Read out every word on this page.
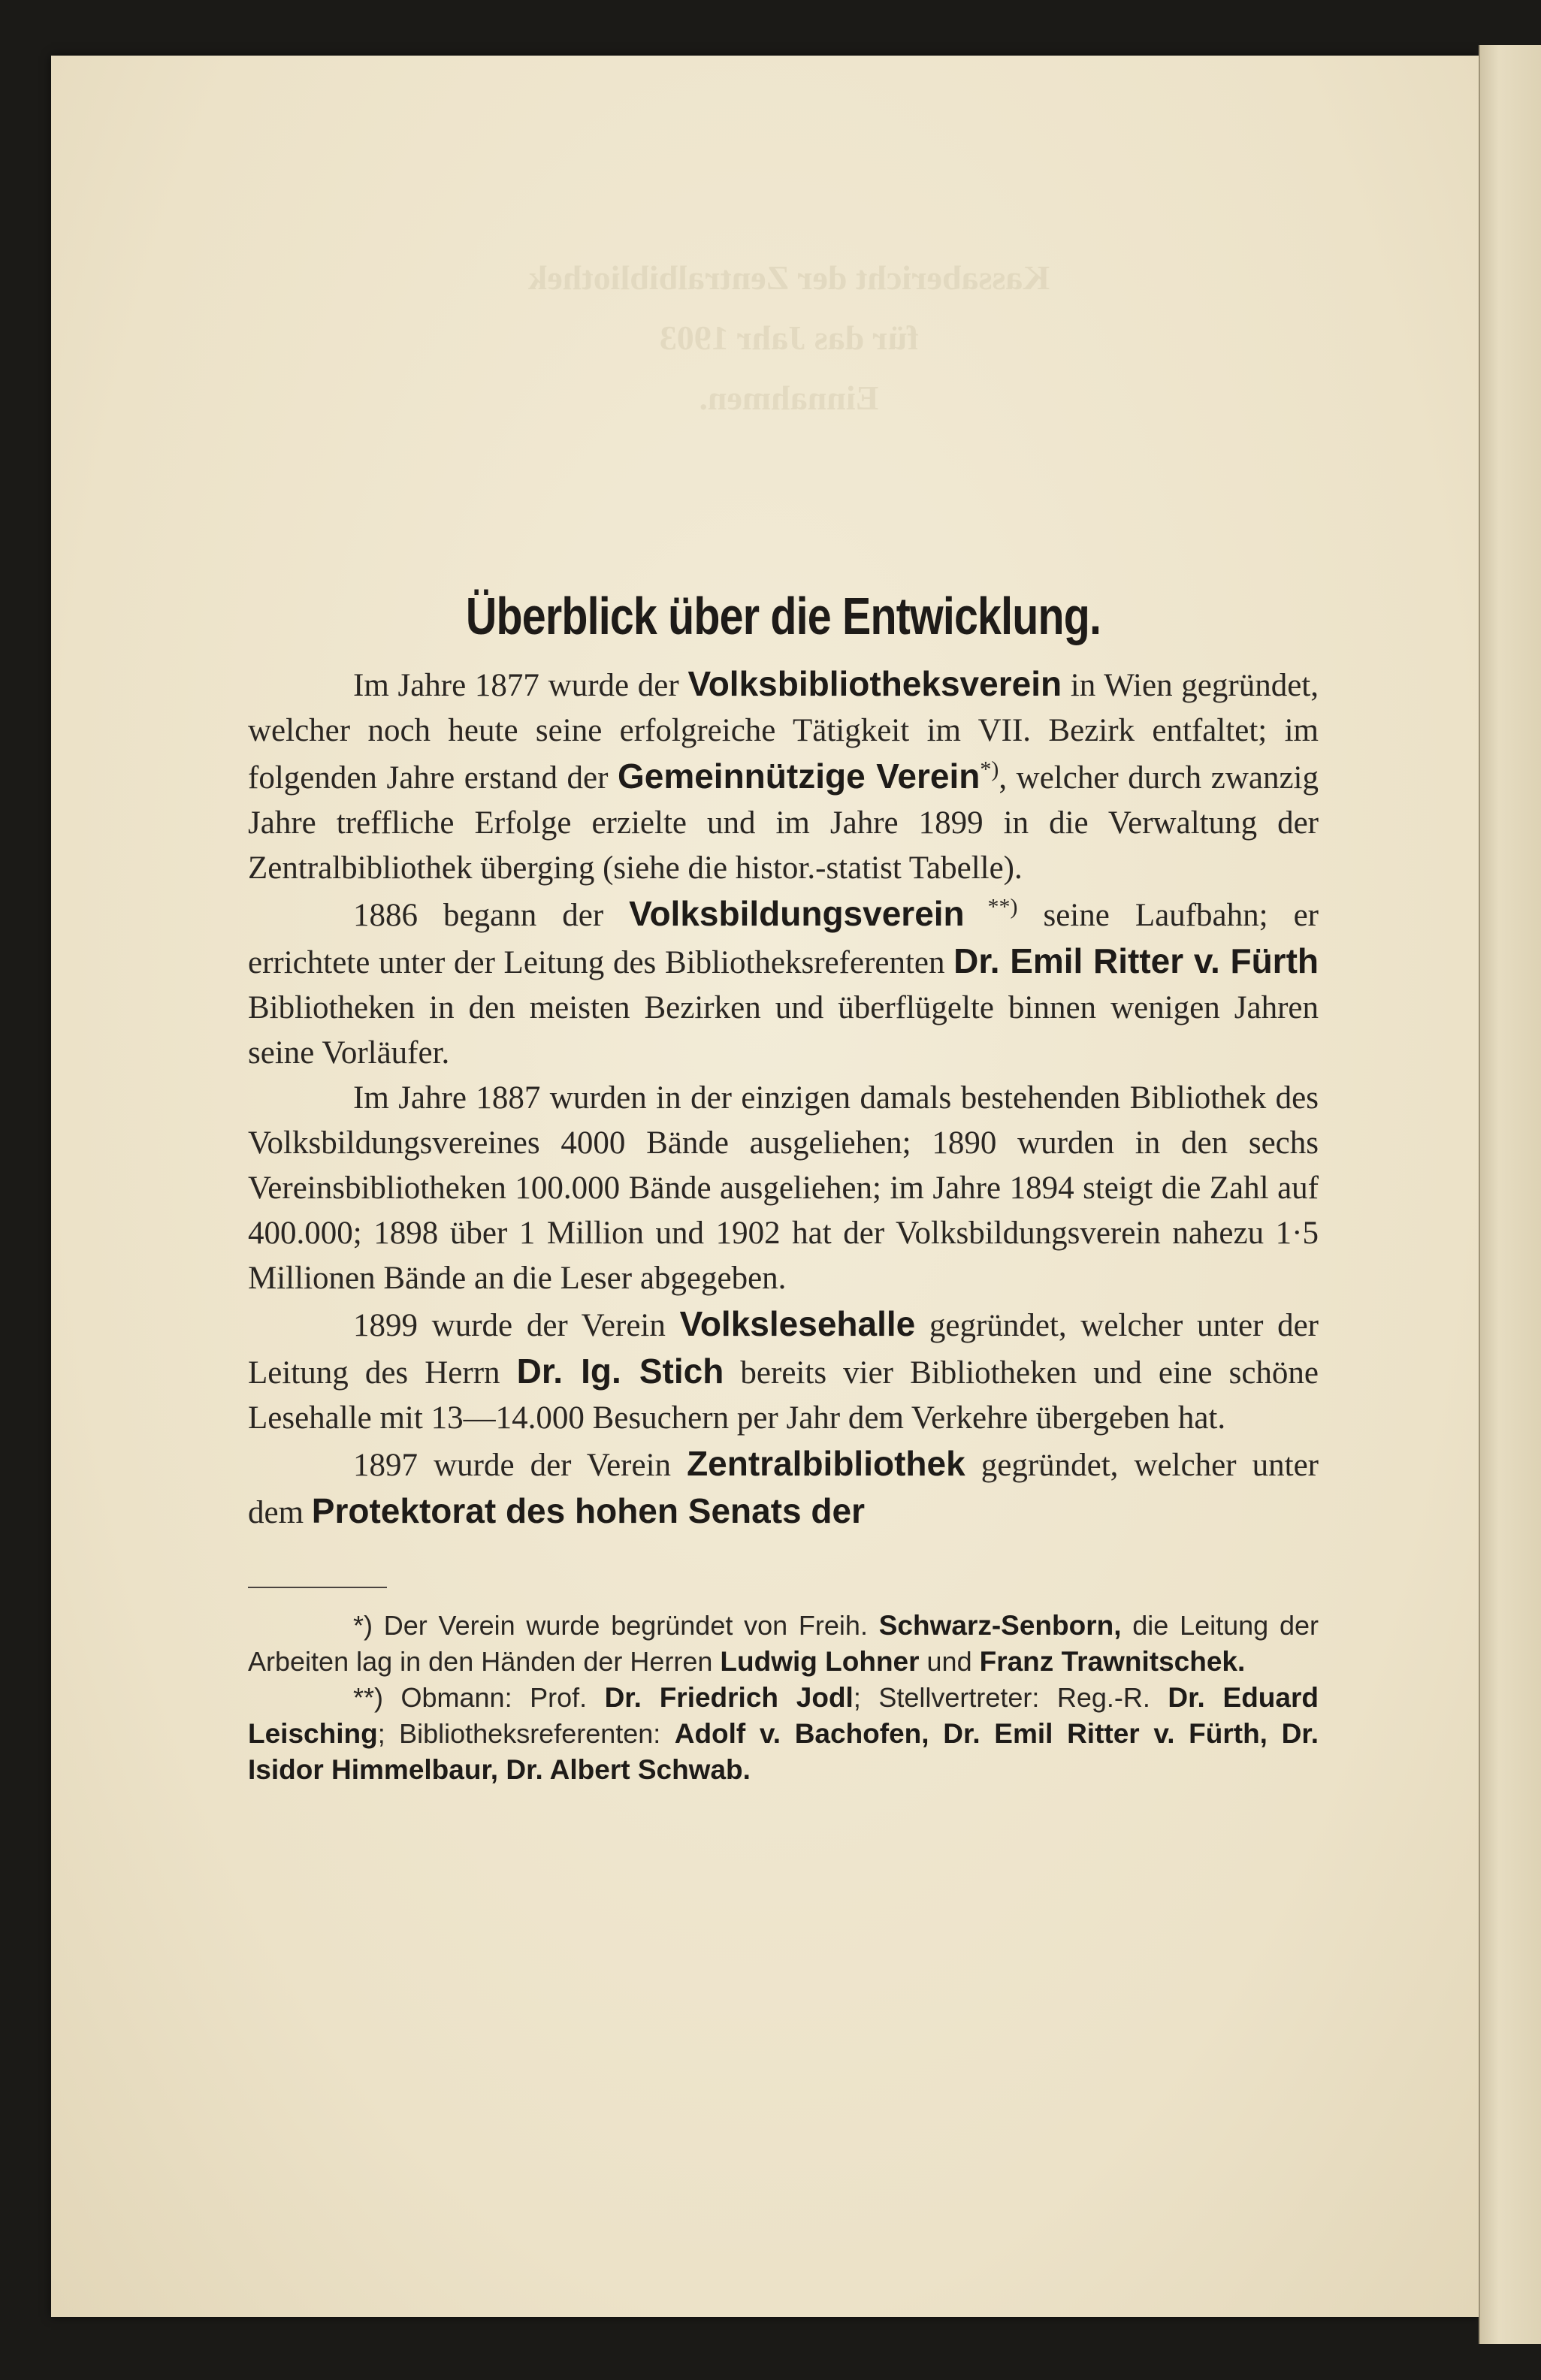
Kassabericht der Zentralbibliothek
für das Jahr 1903
Einnahmen.
Überblick über die Entwicklung.

Im Jahre 1877 wurde der Volksbibliotheksverein in Wien gegründet, welcher noch heute seine erfolgreiche Tätigkeit im VII. Bezirk entfaltet; im folgenden Jahre erstand der Gemeinnützige Verein*), welcher durch zwanzig Jahre treffliche Erfolge erzielte und im Jahre 1899 in die Verwaltung der Zentralbibliothek überging (siehe die histor.-statist Tabelle).

1886 begann der Volksbildungsverein **) seine Laufbahn; er errichtete unter der Leitung des Bibliotheksreferenten Dr. Emil Ritter v. Fürth Bibliotheken in den meisten Bezirken und überflügelte binnen wenigen Jahren seine Vorläufer.

Im Jahre 1887 wurden in der einzigen damals bestehenden Bibliothek des Volksbildungsvereines 4000 Bände ausgeliehen; 1890 wurden in den sechs Vereinsbibliotheken 100.000 Bände ausgeliehen; im Jahre 1894 steigt die Zahl auf 400.000; 1898 über 1 Million und 1902 hat der Volksbildungsverein nahezu 1·5 Millionen Bände an die Leser abgegeben.

1899 wurde der Verein Volkslesehalle gegründet, welcher unter der Leitung des Herrn Dr. Ig. Stich bereits vier Bibliotheken und eine schöne Lesehalle mit 13—14.000 Besuchern per Jahr dem Verkehre übergeben hat.

1897 wurde der Verein Zentralbibliothek gegründet, welcher unter dem Protektorat des hohen Senats der

*) Der Verein wurde begründet von Freih. Schwarz-Senborn, die Leitung der Arbeiten lag in den Händen der Herren Ludwig Lohner und Franz Trawnitschek.

**) Obmann: Prof. Dr. Friedrich Jodl; Stellvertreter: Reg.-R. Dr. Eduard Leisching; Bibliotheksreferenten: Adolf v. Bachofen, Dr. Emil Ritter v. Fürth, Dr. Isidor Himmelbaur, Dr. Albert Schwab.
